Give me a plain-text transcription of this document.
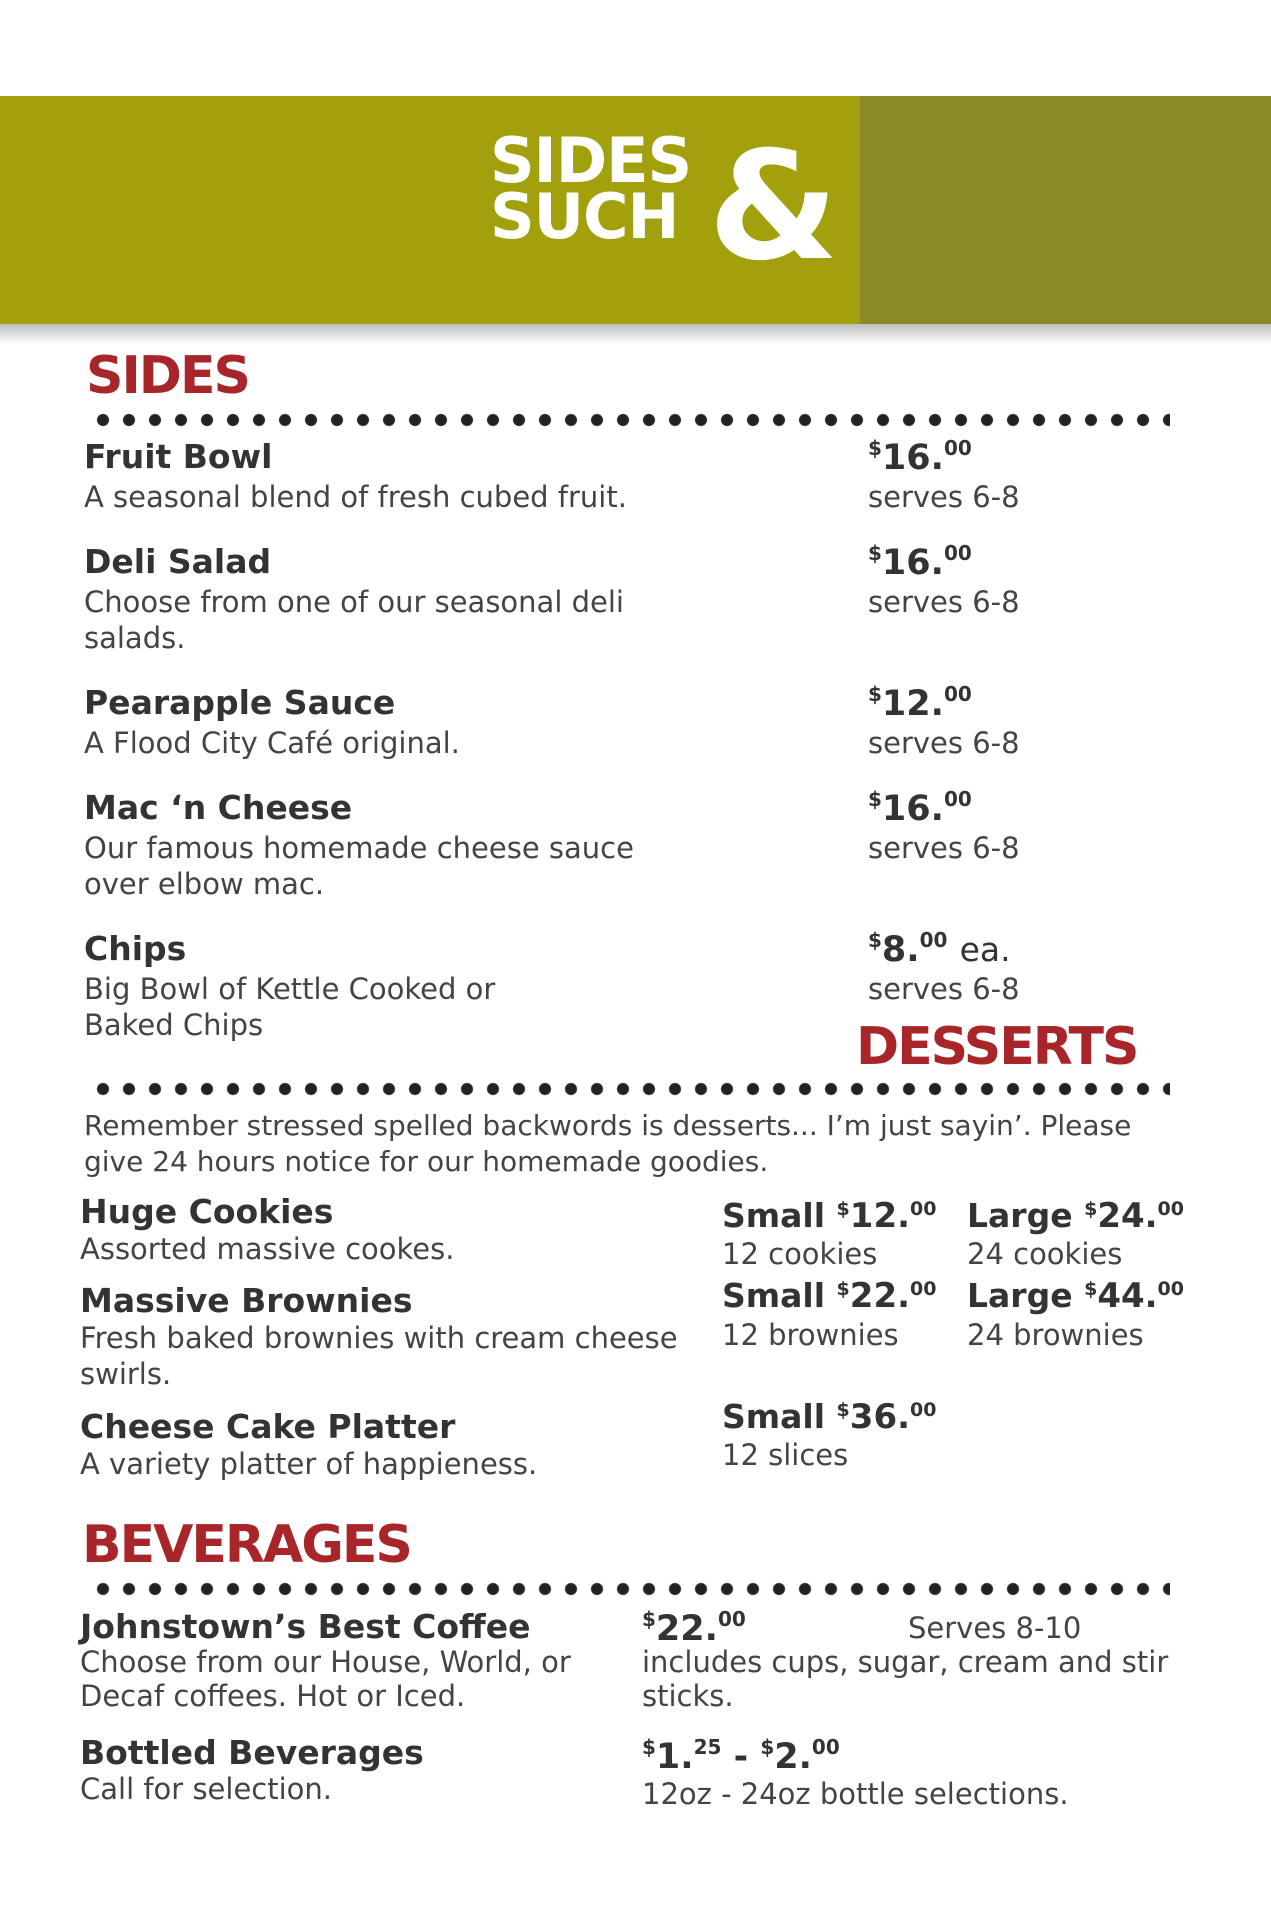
SIDES
SUCH &
SIDES
Fruit Bowl
A seasonal blend of fresh cubed fruit.
$16.00
serves 6-8
Deli Salad
Choose from one of our seasonal deli salads.
$16.00
serves 6-8
Pearapple Sauce
A Flood City Café original.
$12.00
serves 6-8
Mac ‘n Cheese
Our famous homemade cheese sauce over elbow mac.
$16.00
serves 6-8
Chips
Big Bowl of Kettle Cooked or Baked Chips
$8.00 ea.
serves 6-8
DESSERTS
Remember stressed spelled backwords is desserts... I’m just sayin’. Please give 24 hours notice for our homemade goodies.
Huge Cookies
Assorted massive cookes.
Small $12.00
12 cookies
Large $24.00
24 cookies
Massive Brownies
Fresh baked brownies with cream cheese swirls.
Small $22.00
12 brownies
Large $44.00
24 brownies
Cheese Cake Platter
A variety platter of happieness.
Small $36.00
12 slices
BEVERAGES
Johnstown’s Best Coffee
Choose from our House, World, or Decaf coffees. Hot or Iced.
$22.00	Serves 8-10
includes cups, sugar, cream and stir sticks.
Bottled Beverages
Call for selection.
$1.25 - $2.00
12oz - 24oz bottle selections.
